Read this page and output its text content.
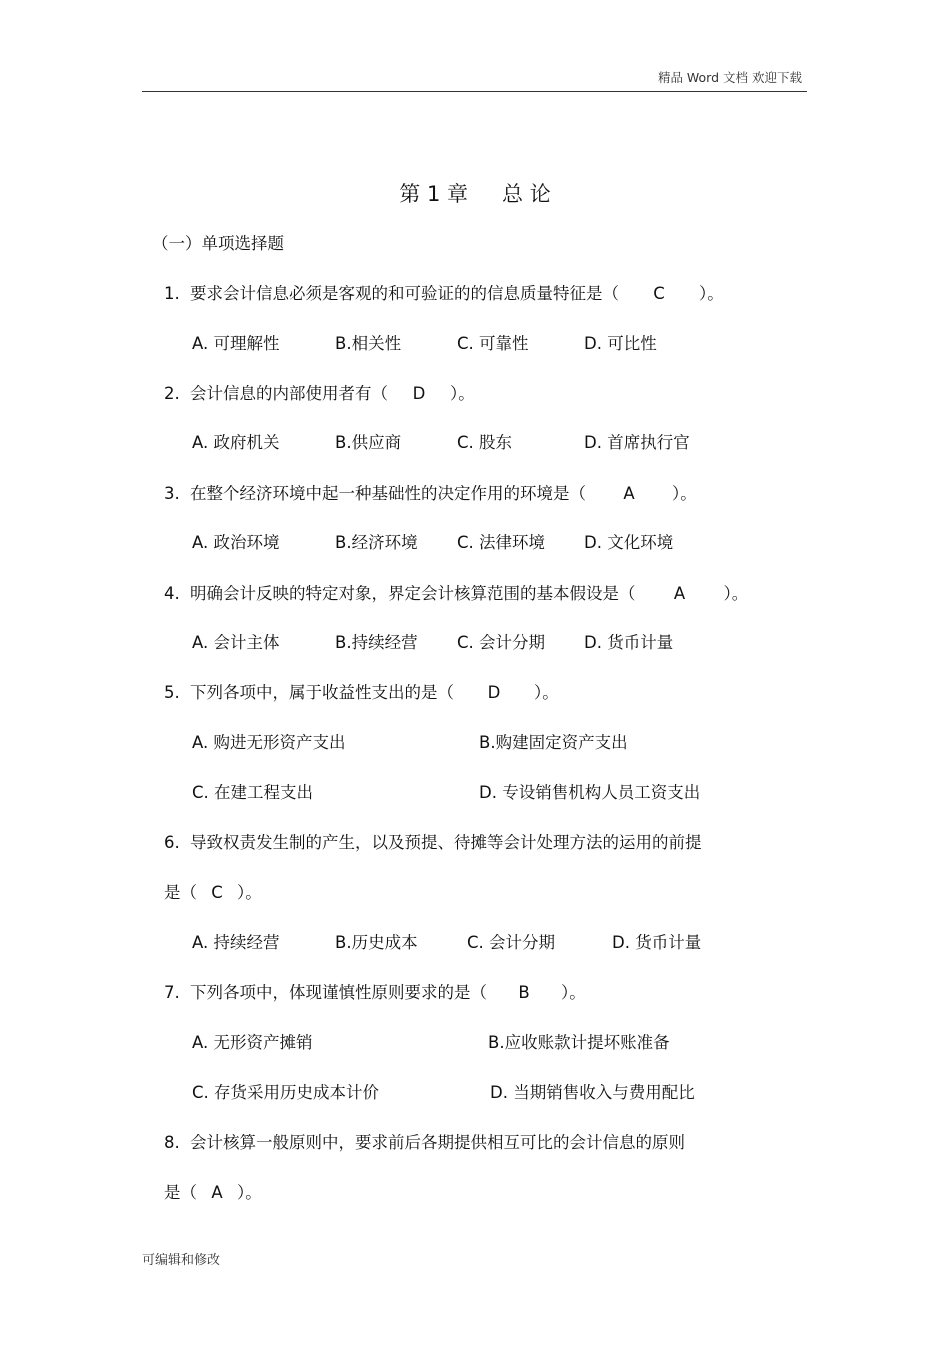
精品 Word 文档 欢迎下载
第 1 章 总 论
（一）单项选择题
1. 要求会计信息必须是客观的和可验证的的信息质量特征是（ C ）。
A. 可理解性	B.相关性	C. 可靠性	D. 可比性
2. 会计信息的内部使用者有（ D ）。
A. 政府机关	B.供应商	C. 股东	D. 首席执行官
3. 在整个经济环境中起一种基础性的决定作用的环境是（ A ）。
A. 政治环境	B.经济环境 C. 法律环境 D. 文化环境
4. 明确会计反映的特定对象，界定会计核算范围的基本假设是（ A ）。
A. 会计主体	B.持续经营 C. 会计分期 D. 货币计量
5. 下列各项中，属于收益性支出的是（ D ）。
A. 购进无形资产支出	B.购建固定资产支出
C. 在建工程支出	D. 专设销售机构人员工资支出
6. 导致权责发生制的产生，以及预提、待摊等会计处理方法的运用的前提
是（ C ）。
A. 持续经营	B.历史成本	C. 会计分期	D. 货币计量
7. 下列各项中，体现谨慎性原则要求的是（ B ）。
A. 无形资产摊销	B.应收账款计提坏账准备
C. 存货采用历史成本计价	D. 当期销售收入与费用配比
8. 会计核算一般原则中，要求前后各期提供相互可比的会计信息的原则
是（ A ）。
可编辑和修改
